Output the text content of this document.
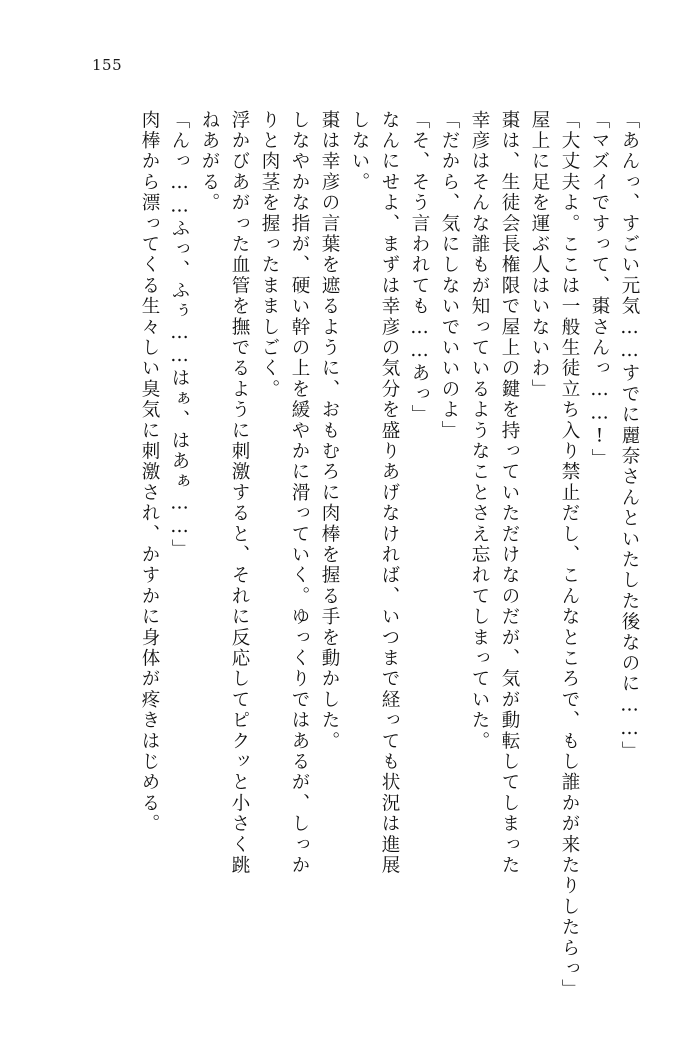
155
「あんっ、すごい元気……すでに麗奈さんといたした後なのに……」
「マズイですって、棗さんっ……!」
「大丈夫よ。ここは一般生徒立ち入り禁止だし、こんなところで、もし誰かが来たりしたらっ」
屋上に足を運ぶ人はいないわ」
棗は、生徒会長権限で屋上の鍵を持っていただけなのだが、気が動転してしまった
幸彦はそんな誰もが知っているようなことさえ忘れてしまっていた。
「だから、気にしないでいいのよ」
「そ、そう言われても……あっ」
なんにせよ、まずは幸彦の気分を盛りあげなければ、いつまで経っても状況は進展
しない。
棗は幸彦の言葉を遮るように、おもむろに肉棒を握る手を動かした。
しなやかな指が、硬い幹の上を緩やかに滑っていく。ゆっくりではあるが、しっか
りと肉茎を握ったまましごく。
浮かびあがった血管を撫でるように刺激すると、それに反応してピクッと小さく跳
ねあがる。
「んっ……ふっ、ふぅ……はぁ、はあぁ……」
肉棒から漂ってくる生々しい臭気に刺激され、かすかに身体が疼きはじめる。
